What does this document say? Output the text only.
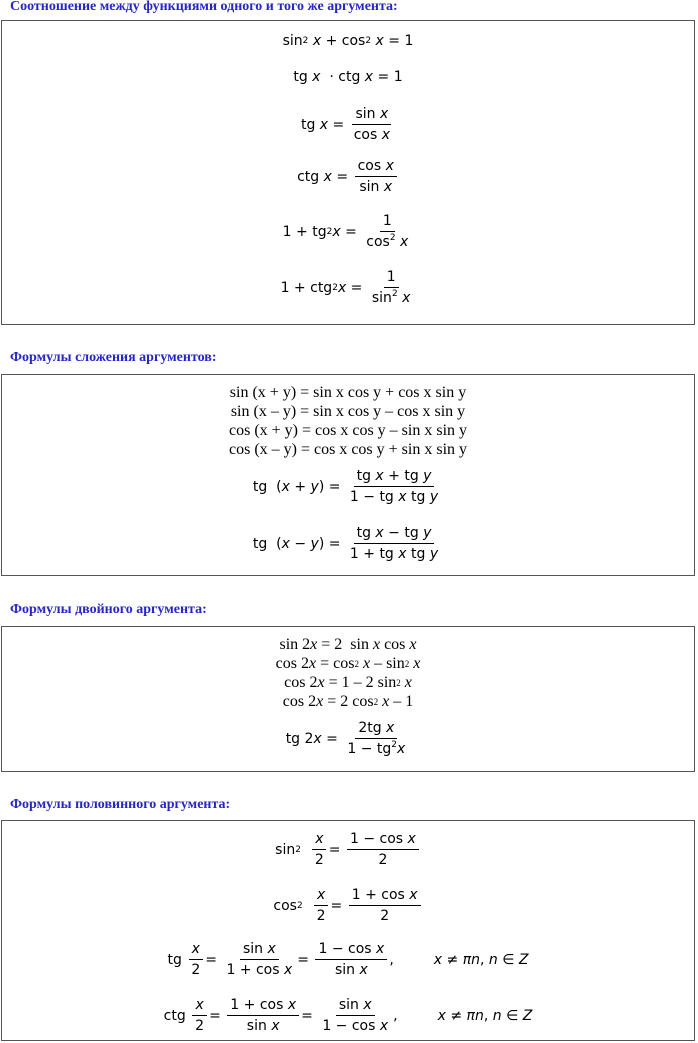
Соотношение между функциями одного и того же аргумента:
sin 2
x + cos 2
x = 1
tg x · ctg x = 1
tg $x = \frac{\text{sin x}}{\text{cos x}}$
ctg $x = \frac{\text{cos x}}{\text{sin x}}$
1 + tg 2 $x = \frac{1}{\cos^2 x}$
1 + ctg 2 $x = \frac{1}{\sin^2 x}$
Формулы сложения аргументов:
sin (x + y) = sin x cos y + cos x sin y
sin (x – y) = sin x cos y – cos x sin y
cos (x + y) = cos x cos y – sin x sin y
cos (x – y) = cos x cos y + sin x sin y
tg  ( x + y ) = $\frac{\text{tg x + tg y}}{\text{1 − tg x tg y}}$
tg  ( x − y ) = $\frac{\text{tg x − tg y}}{\text{1 + tg x tg y}}$
Формулы двойного аргумента:
sin 2 x = 2  sin x cos x
cos 2 x = cos 2
x – sin 2
x
cos 2 x = 1 – 2 sin 2
x
cos 2 x = 2 cos 2
x – 1
tg 2 $x = \frac{\text{2tg x}}{1 - tg^2x}$
Формулы половинного аргумента:
sin 2
$\frac{x}{2} = \frac{\text{1 − cos x}}{2}$
cos 2
$\frac{x}{2} = \frac{\text{1 + cos x}}{2}$
tg $\frac{x}{2} = \frac{\text{sin x}}{\text{1 + cos x}} = \frac{\text{1 − cos x}}{\text{sin x}}$ ,	x ≠ πn , n ∈ Z
ctg $\frac{x}{2} = \frac{\text{1 + cos x}}{\text{sin x}} = \frac{\text{sin x}}{\text{1 − cos x}}$ ,	x ≠ πn , n ∈ Z
